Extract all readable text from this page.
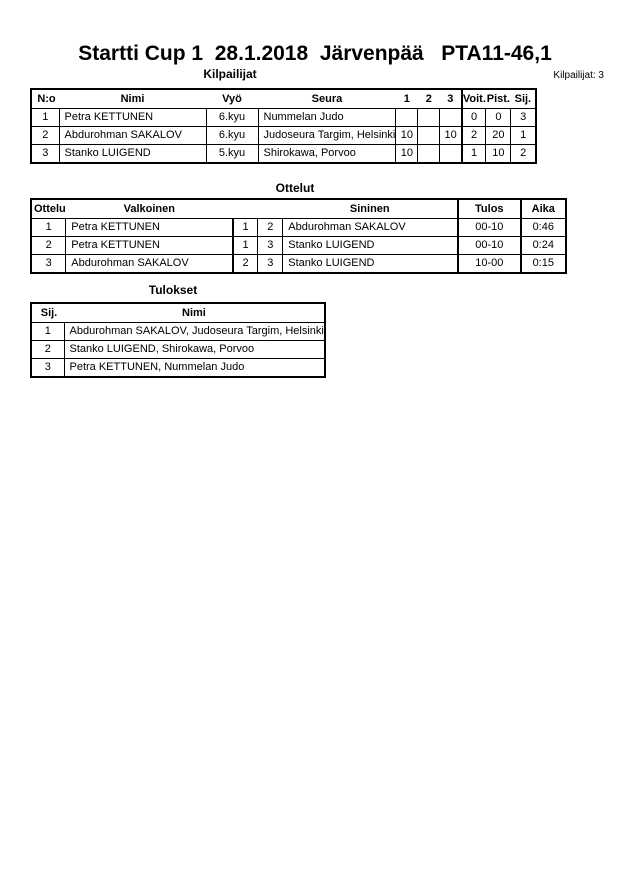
Startti Cup 1  28.1.2018  Järvenpää   PTA11-46,1
Kilpailijat	Kilpailijat: 3
N:o	Nimi	Vyö	Seura	1	2	3	Voit.	Pist.	Sij.
1	Petra KETTUNEN	6.kyu	Nummelan Judo				0	0	3
2	Abdurohman SAKALOV	6.kyu	Judoseura Targim, Helsinki	10		10	2	20	1
3	Stanko LUIGEND	5.kyu	Shirokawa, Porvoo	10			1	10	2
Ottelut
Ottelu	Valkoinen			Sininen	Tulos	Aika
1	Petra KETTUNEN	1	2	Abdurohman SAKALOV	00-10	0:46
2	Petra KETTUNEN	1	3	Stanko LUIGEND	00-10	0:24
3	Abdurohman SAKALOV	2	3	Stanko LUIGEND	10-00	0:15
Tulokset
Sij.	Nimi
1	Abdurohman SAKALOV, Judoseura Targim, Helsinki
2	Stanko LUIGEND, Shirokawa, Porvoo
3	Petra KETTUNEN, Nummelan Judo
